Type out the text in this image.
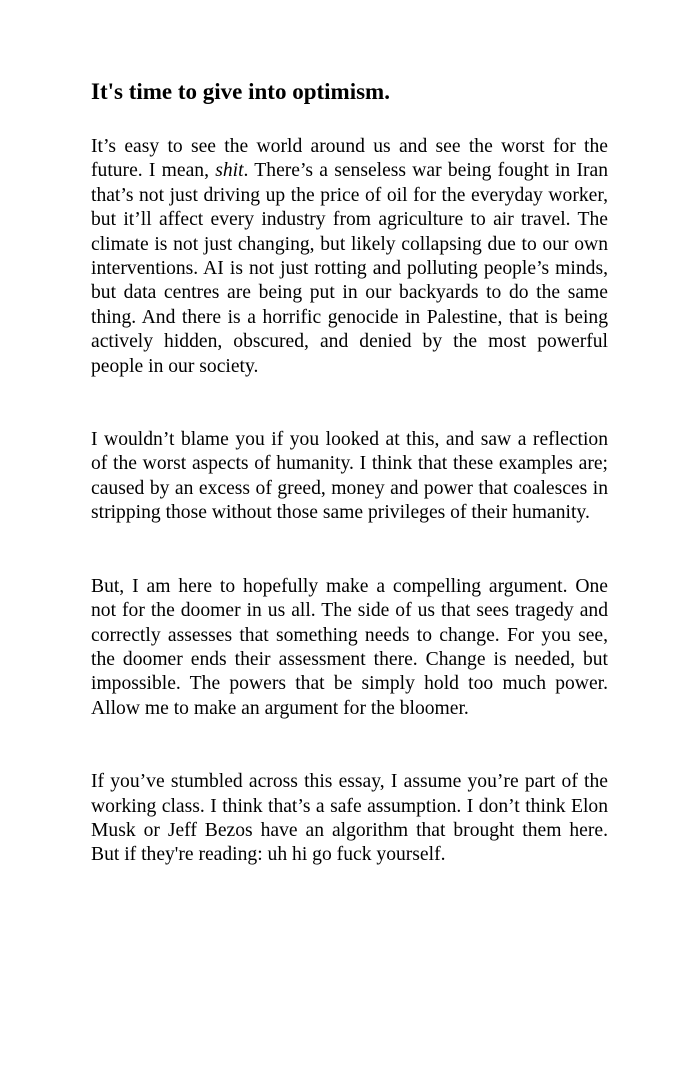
It's time to give into optimism.

It’s easy to see the world around us and see the worst for the future. I mean, shit. There’s a senseless war being fought in Iran that’s not just driving up the price of oil for the everyday worker, but it’ll affect every industry from agriculture to air travel. The climate is not just changing, but likely collapsing due to our own interventions. AI is not just rotting and polluting people’s minds, but data centres are being put in our backyards to do the same thing. And there is a horrific genocide in Palestine, that is being actively hidden, obscured, and denied by the most powerful people in our society.

I wouldn’t blame you if you looked at this, and saw a reflection of the worst aspects of humanity. I think that these examples are; caused by an excess of greed, money and power that coalesces in stripping those without those same privileges of their humanity.

But, I am here to hopefully make a compelling argument. One not for the doomer in us all. The side of us that sees tragedy and correctly assesses that something needs to change. For you see, the doomer ends their assessment there. Change is needed, but impossible. The powers that be simply hold too much power. Allow me to make an argument for the bloomer.

If you’ve stumbled across this essay, I assume you’re part of the working class. I think that’s a safe assumption. I don’t think Elon Musk or Jeff Bezos have an algorithm that brought them here. But if they're reading: uh hi go fuck yourself.
